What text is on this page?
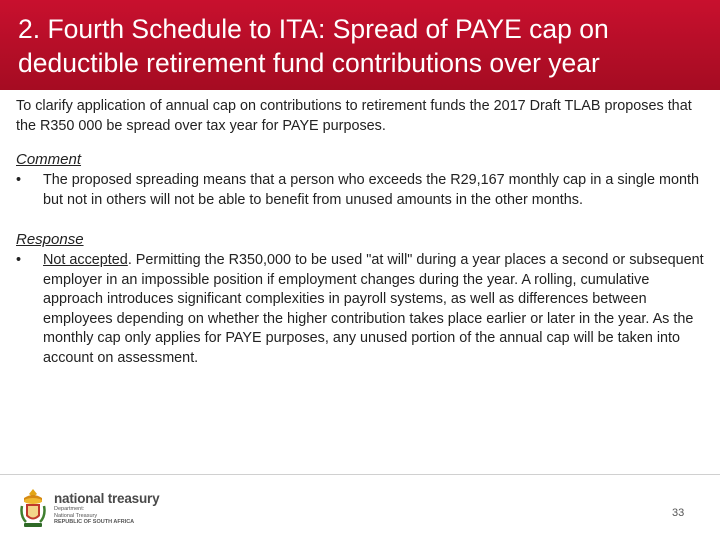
2. Fourth Schedule to ITA: Spread of PAYE cap on deductible retirement fund contributions over year

To clarify application of annual cap on contributions to retirement funds the 2017 Draft TLAB proposes that the R350 000 be spread over tax year for PAYE purposes.

Comment
•	The proposed spreading means that a person who exceeds the R29,167 monthly cap in a single month but not in others will not be able to benefit from unused amounts in the other months.
Response
•	Not accepted. Permitting the R350,000 to be used "at will" during a year places a second or subsequent employer in an impossible position if employment changes during the year. A rolling, cumulative approach introduces significant complexities in payroll systems, as well as differences between employees depending on whether the higher contribution takes place earlier or later in the year. As the monthly cap only applies for PAYE purposes, any unused portion of the annual cap will be taken into account on assessment.
national treasury
Department:
National Treasury
REPUBLIC OF SOUTH AFRICA
33
